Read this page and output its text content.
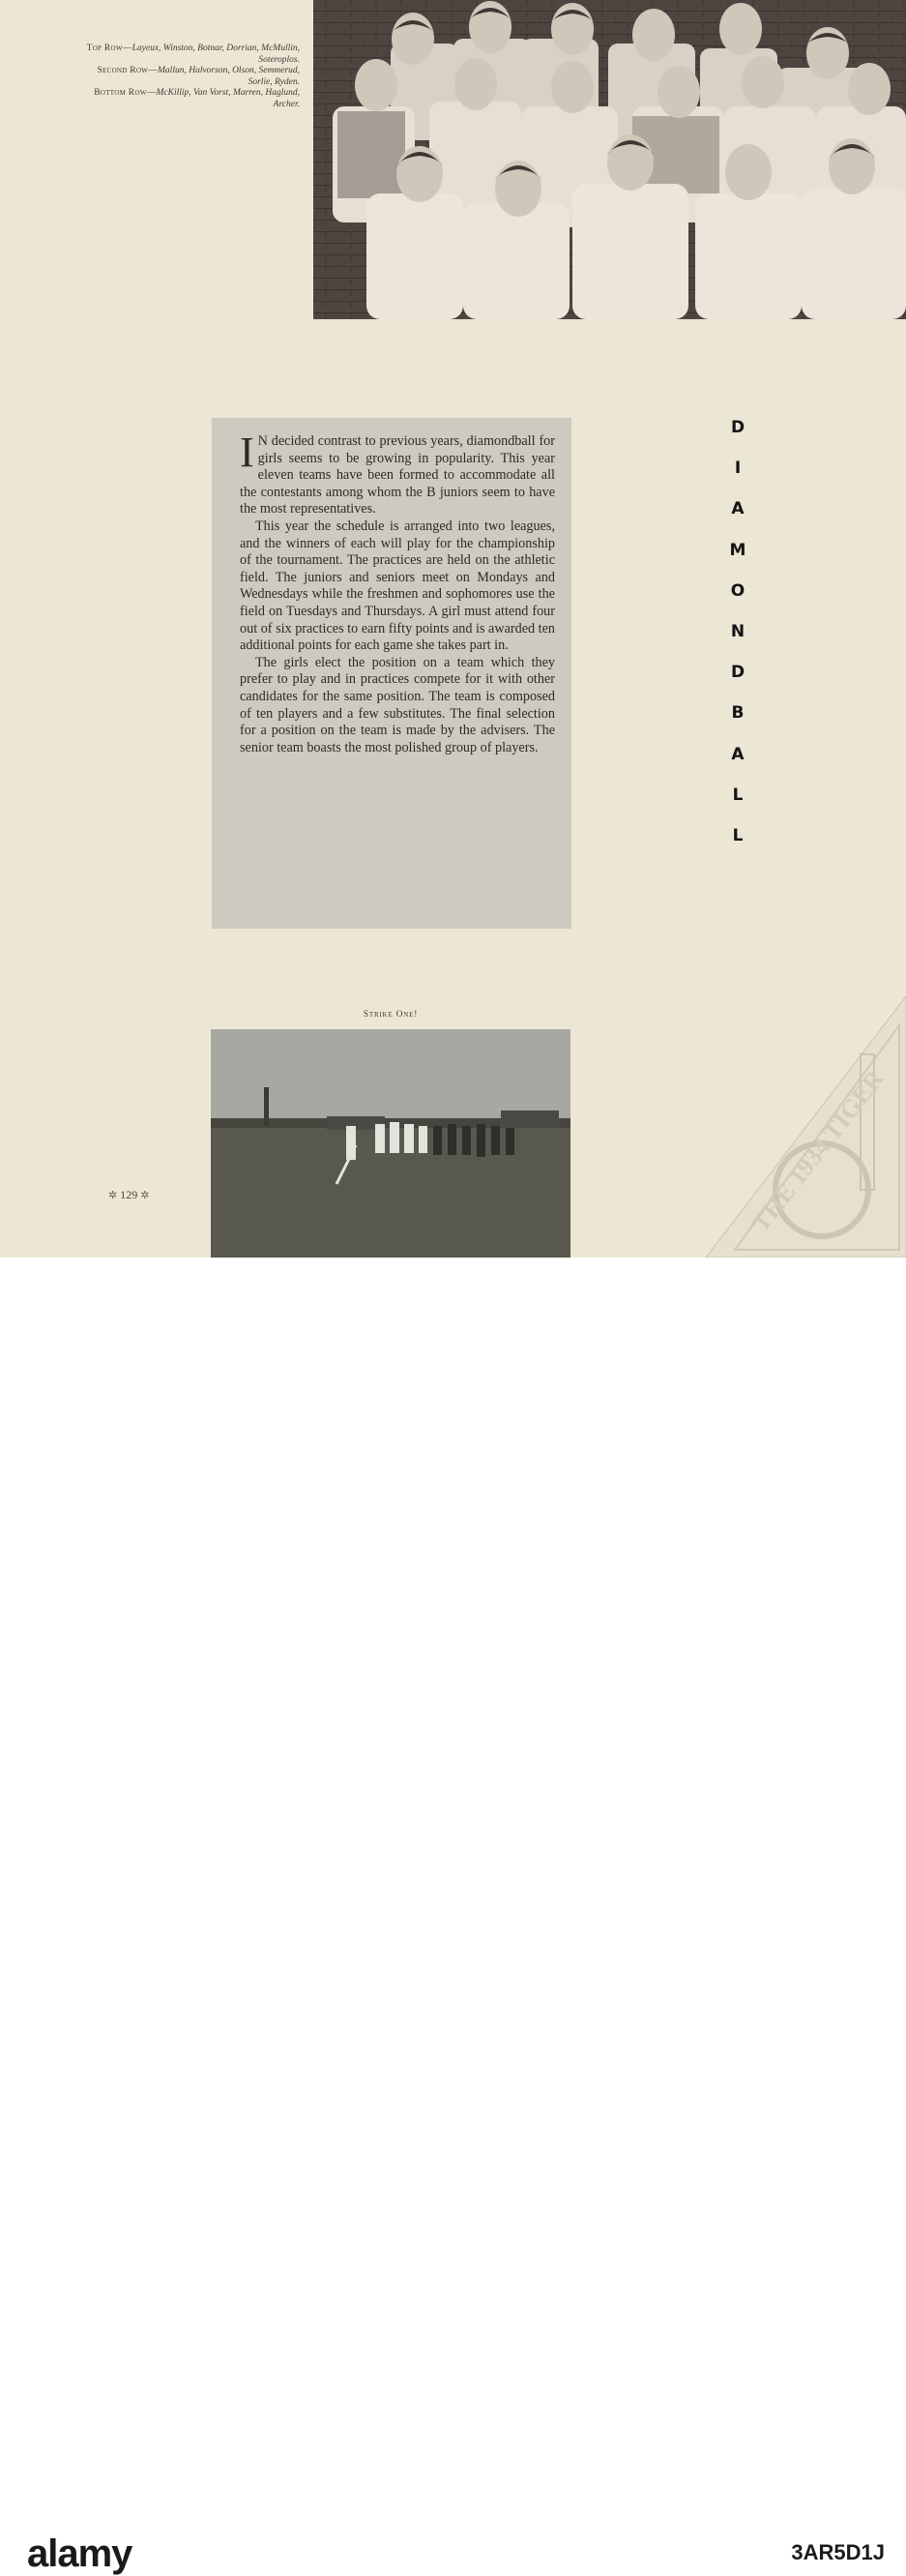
Top Row—Layeux, Winston, Botnar, Dorrian, McMullin, Soteroplos.
Second Row—Mallun, Halvorson, Olson, Semmerud, Sorlie, Ryden.
Bottom Row—McKillip, Van Vorst, Marren, Haglund, Archer.

I N decided contrast to previous years, diamondball for girls seems to be growing in popularity. This year eleven teams have been formed to accommodate all the contestants among whom the B juniors seem to have the most representatives.

This year the schedule is arranged into two leagues, and the winners of each will play for the championship of the tournament. The practices are held on the athletic field. The juniors and seniors meet on Mondays and Wednesdays while the freshmen and sophomores use the field on Tuesdays and Thursdays. A girl must attend four out of six practices to earn fifty points and is awarded ten additional points for each game she takes part in.

The girls elect the position on a team which they prefer to play and in practices compete for it with other candidates for the same position. The team is composed of ten players and a few substitutes. The final selection for a position on the team is made by the advisers. The senior team boasts the most polished group of players.

D
I
A
M
O
N
D
B
A
L
L
Strike One!
✲ 129 ✲	THE 1934 TIGER
alamy	3AR5D1J
